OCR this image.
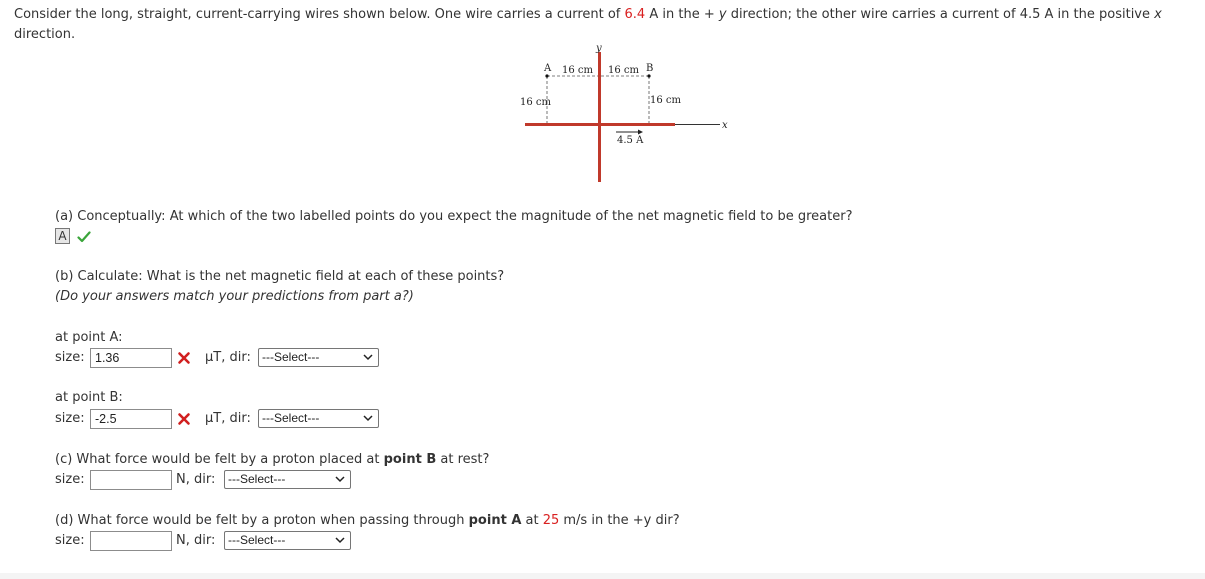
Consider the long, straight, current-carrying wires shown below. One wire carries a current of 6.4 A in the + y direction; the other wire carries a current of 4.5 A in the positive x direction.
y
x
A	B
16 cm 16 cm
16 cm	16 cm
4.5 A
(a) Conceptually: At which of the two labelled points do you expect the magnitude of the net magnetic field to be greater?
A
(b) Calculate: What is the net magnetic field at each of these points?
(Do your answers match your predictions from part a?)
at point A:
size: 1.36	μT, dir: ---Select---
at point B:
size: -2.5	μT, dir: ---Select---
(c) What force would be felt by a proton placed at point B at rest?
size:	N, dir:	---Select---
(d) What force would be felt by a proton when passing through point A at 25 m/s in the +y dir?
size:	N, dir:	---Select---
